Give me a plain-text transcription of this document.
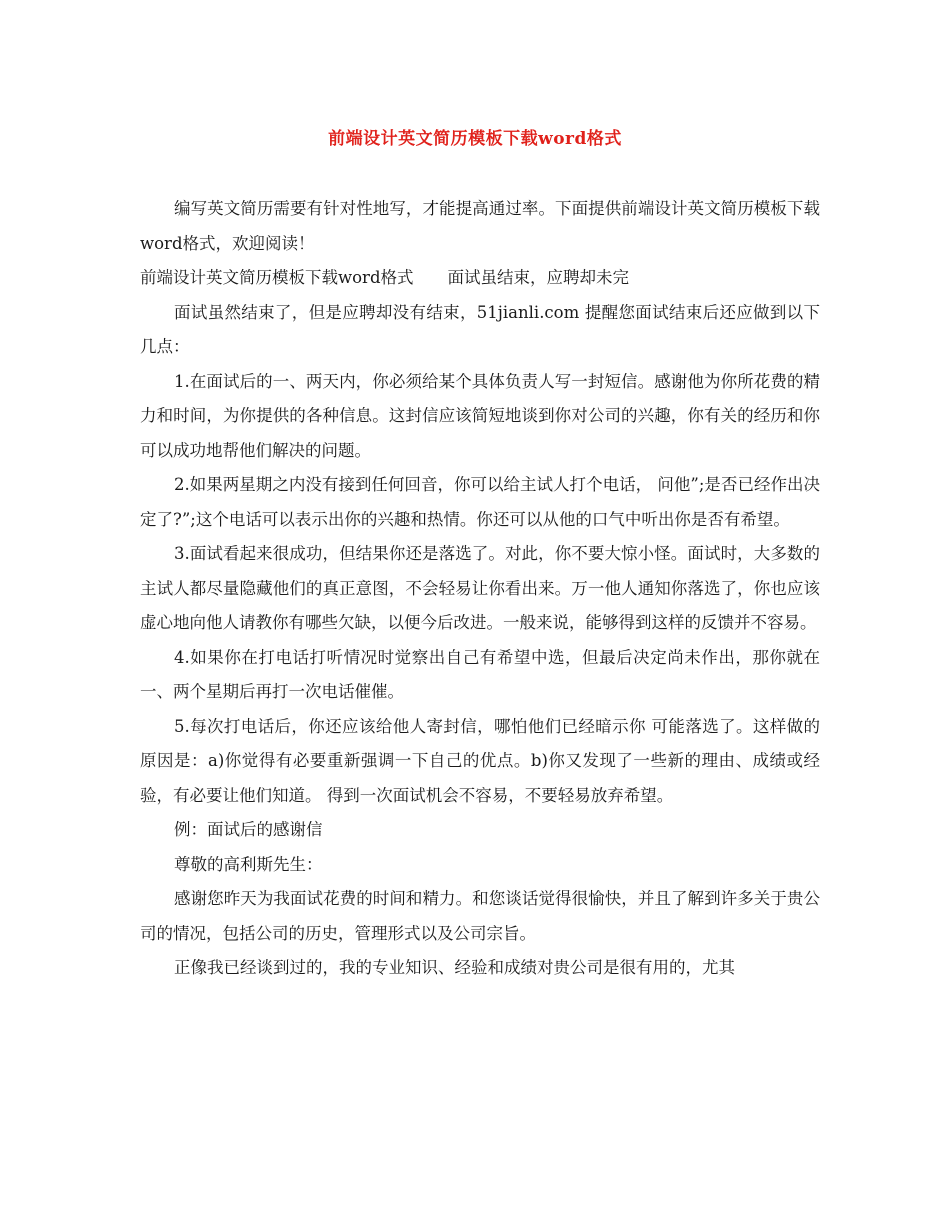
前端设计英文简历模板下载word格式

编写英文简历需要有针对性地写，才能提高通过率。下面提供前端设计英文简历模板下载word格式，欢迎阅读！

前端设计英文简历模板下载word格式 面试虽结束，应聘却未完

面试虽然结束了，但是应聘却没有结束，51jianli.com 提醒您面试结束后还应做到以下几点：

1.在面试后的一、两天内，你必须给某个具体负责人写一封短信。感谢他为你所花费的精力和时间，为你提供的各种信息。这封信应该简短地谈到你对公司的兴趣，你有关的经历和你可以成功地帮他们解决的问题。

2.如果两星期之内没有接到任何回音，你可以给主试人打个电话， 问他”;是否已经作出决定了?”;这个电话可以表示出你的兴趣和热情。你还可以从他的口气中听出你是否有希望。

3.面试看起来很成功，但结果你还是落选了。对此，你不要大惊小怪。面试时，大多数的主试人都尽量隐藏他们的真正意图，不会轻易让你看出来。万一他人通知你落选了，你也应该虚心地向他人请教你有哪些欠缺，以便今后改进。一般来说，能够得到这样的反馈并不容易。

4.如果你在打电话打听情况时觉察出自己有希望中选，但最后决定尚未作出，那你就在一、两个星期后再打一次电话催催。

5.每次打电话后，你还应该给他人寄封信，哪怕他们已经暗示你 可能落选了。这样做的原因是：a)你觉得有必要重新强调一下自己的优点。b)你又发现了一些新的理由、成绩或经验，有必要让他们知道。 得到一次面试机会不容易，不要轻易放弃希望。

例：面试后的感谢信

尊敬的高利斯先生：

感谢您昨天为我面试花费的时间和精力。和您谈话觉得很愉快，并且了解到许多关于贵公司的情况，包括公司的历史，管理形式以及公司宗旨。

正像我已经谈到过的，我的专业知识、经验和成绩对贵公司是很有用的，尤其
